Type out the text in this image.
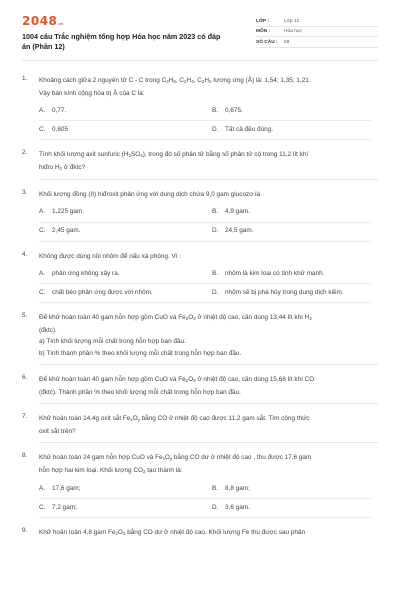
2048.vn
1004 câu Trắc nghiệm tổng hợp Hóa học năm 2023 có đáp
án (Phần 12)
LỚP :	Lớp 12
MÔN :	Hóa học
SỐ CÂU :	59
1.	Khoảng cách giữa 2 nguyên tử C - C trong $C_2H_6$, $C_2H_4$, $C_2H_2$ tương ứng (Å) là: 1,54; 1,35; 1,21.
Vậy bán kính cộng hóa trị Å của C là:
A.	0,77.	B.	0,675.
C.	0,605	D.	Tất cả đều đúng.
2.	Tính khối lượng axit sunfuric $(H_2SO_4)$, trong đó số phân tử bằng số phân tử có trong 11,2 lít khí
hiđro $H_2$ ở đktc?
3.	Khối lượng đồng (II) hiđroxit phản ứng với dung dịch chứa 9,0 gam glucozơ là
A.	1,225 gam.	B.	4,9 gam.
C.	2,45 gam.	D.	24,5 gam.
4.	Không được dùng nồi nhôm để nấu xà phòng. Vì :
A.	phản ứng không xảy ra.	B.	nhôm là kim loại có tính khử mạnh.
C.	chất béo phản ứng được với nhôm.	D.	nhôm sẽ bị phá hủy trong dung dịch kiềm.
5.	Để khử hoàn toàn 40 gam hỗn hợp gồm CuO và $Fe_2O_3$ ở nhiệt độ cao, cần dùng 13,44 lít khí $H_2$
(đktc).
a) Tính khối lượng mỗi chất trong hỗn hợp ban đầu.
b) Tính thành phần % theo khối lượng mỗi chất trong hỗn hợp ban đầu.
6.	Để khử hoàn toàn 40 gam hỗn hợp gồm CuO và $Fe_2O_3$ ở nhiệt độ cao, cần dùng 15,68 lít khí CO
(đktc). Thành phần % theo khối lượng mỗi chất trong hỗn hợp ban đầu.
7.	Khử hoàn toàn 14,4g oxit sắt $Fe_xO_y$ bằng CO ở nhiệt độ cao được 11,2 gam sắt. Tìm công thức
oxit sắt trên?
8.	Khử hoàn toàn 24 gam hỗn hợp CuO và $Fe_xO_y$ bằng CO dư ở nhiệt độ cao , thu được 17,6 gam
hỗn hợp hai kim loại. Khối lượng $CO_2$ tạo thành là:
A.	17,6 gam;	B.	8,8 gam;
C.	7,2 gam;	D.	3,6 gam.
9.	Khử hoàn toàn 4,8 gam $Fe_2O_3$ bằng CO dư ở nhiệt độ cao. Khối lượng Fe thu được sau phản
